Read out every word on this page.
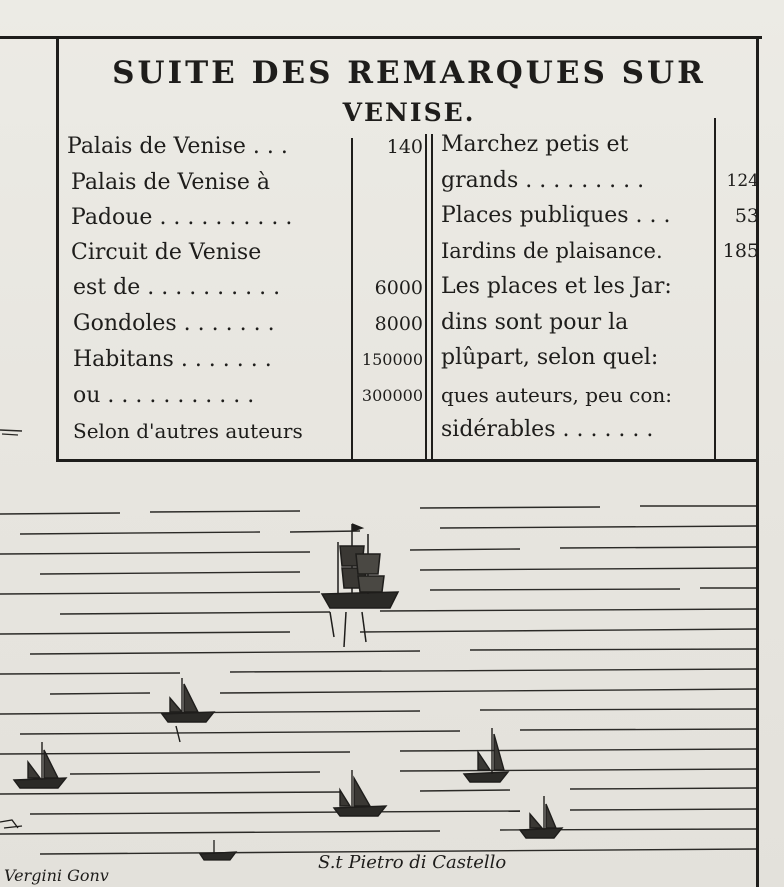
SUITE DES REMARQUES SUR
VENISE.
Palais de Venise . . .	140
Palais de Venise à
Padoue . . . . . . . . . .
Circuit de Venise
est de . . . . . . . . . .	6000
Gondoles . . . . . . .	8000
Habitans . . . . . . .	150000
ou . . . . . . . . . . .	300000
Selon d'autres auteurs
Marchez petis et
grands . . . . . . . . .	124
Places publiques . . .	53
Iardins de plaisance.	185
Les places et les Jar:
dins sont pour la
plûpart, selon quel:
ques auteurs, peu con:
sidérables . . . . . . .
Vergini Gonv
S.t Pietro di Castello
